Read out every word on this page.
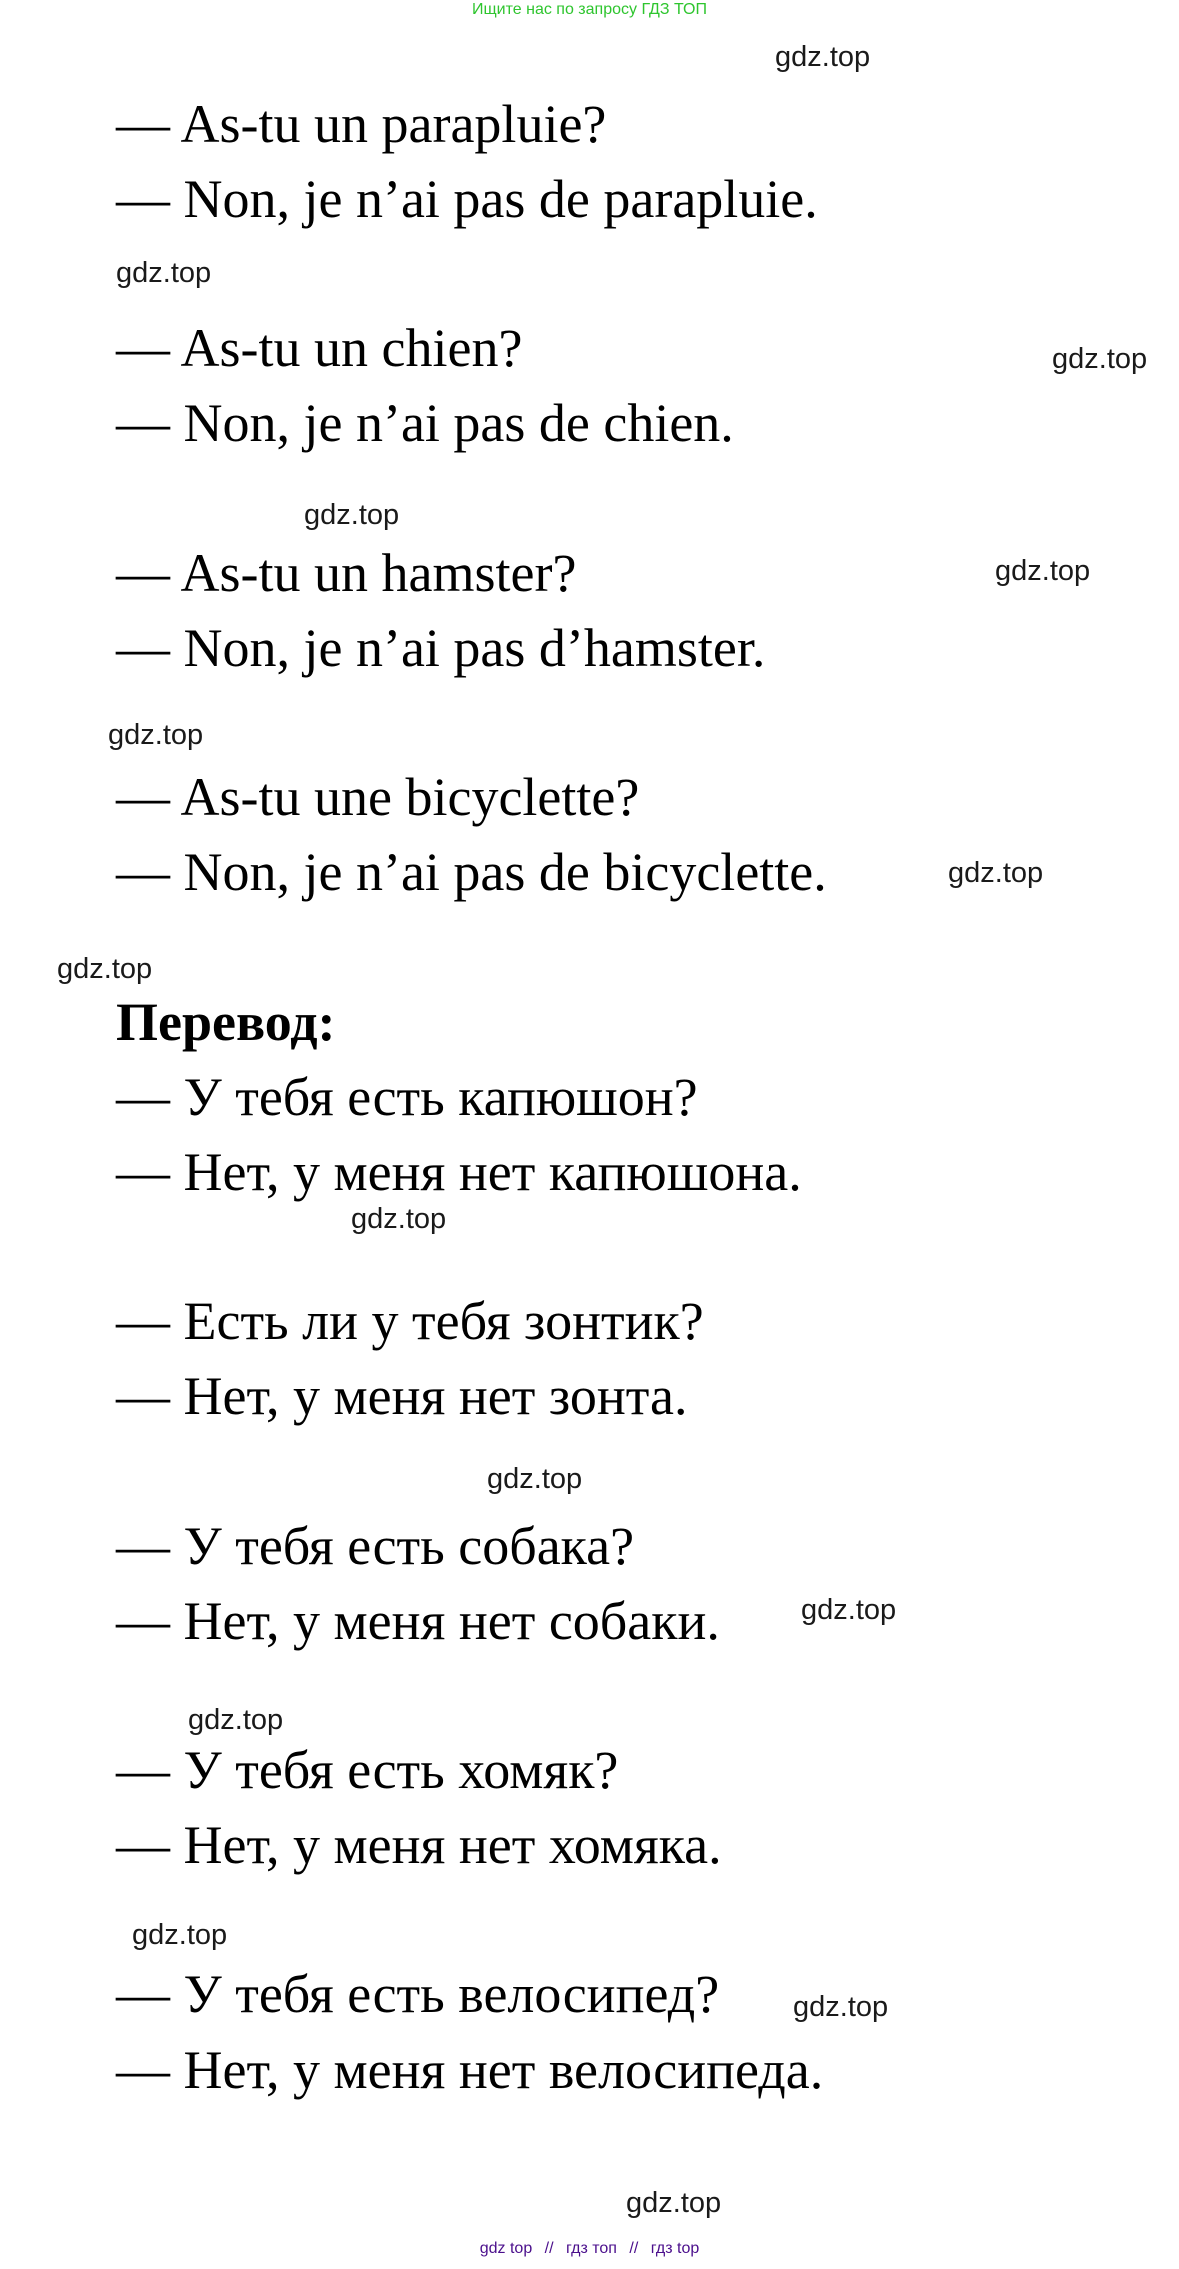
Ищите нас по запросу ГДЗ ТОП
gdz.top
gdz.top
gdz.top
gdz.top
gdz.top
gdz.top
gdz.top
gdz.top
gdz.top
gdz.top
gdz.top
gdz.top
gdz.top
gdz.top
gdz.top
— As-tu un parapluie?
— Non, je n’ai pas de parapluie.
— As-tu un chien?
— Non, je n’ai pas de chien.
— As-tu un hamster?
— Non, je n’ai pas d’hamster.
— As-tu une bicyclette?
— Non, je n’ai pas de bicyclette.
Перевод:
— У тебя есть капюшон?
— Нет, у меня нет капюшона.
— Есть ли у тебя зонтик?
— Нет, у меня нет зонта.
— У тебя есть собака?
— Нет, у меня нет собаки.
— У тебя есть хомяк?
— Нет, у меня нет хомяка.
— У тебя есть велосипед?
— Нет, у меня нет велосипеда.
gdz top // гдз топ // гдз top
